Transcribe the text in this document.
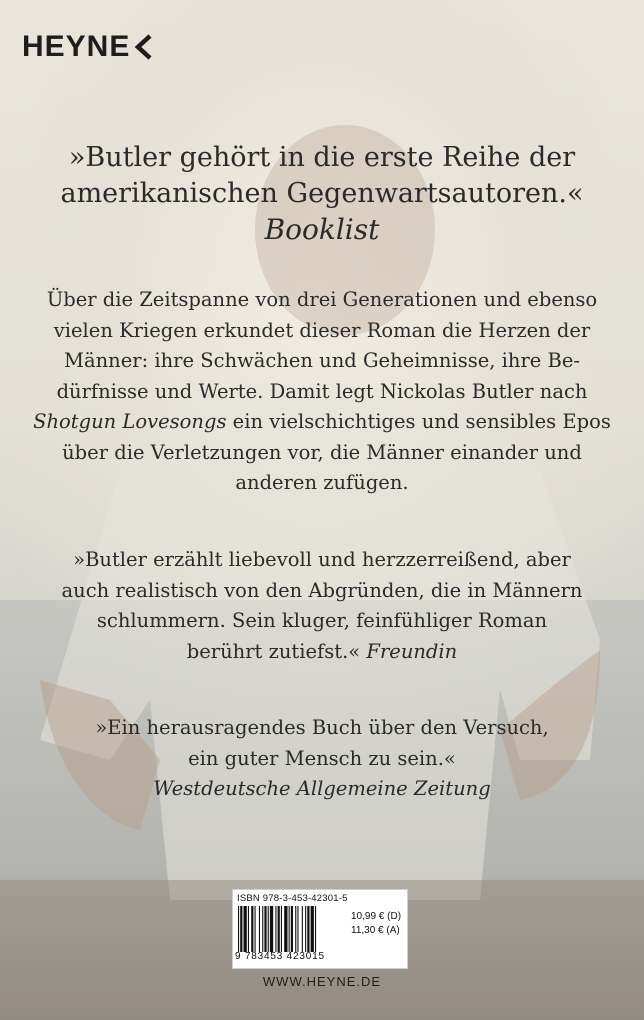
HEYNE
»Butler gehört in die erste Reihe der
amerikanischen Gegenwartsautoren.«
Booklist
Über die Zeitspanne von drei Generationen und ebenso
vielen Kriegen erkundet dieser Roman die Herzen der
Männer: ihre Schwächen und Geheimnisse, ihre Be-
dürfnisse und Werte. Damit legt Nickolas Butler nach
Shotgun Lovesongs ein vielschichtiges und sensibles Epos
über die Verletzungen vor, die Männer einander und
anderen zufügen.
»Butler erzählt liebevoll und herzzerreißend, aber
auch realistisch von den Abgründen, die in Männern
schlummern. Sein kluger, feinfühliger Roman
berührt zutiefst.« Freundin
»Ein herausragendes Buch über den Versuch,
ein guter Mensch zu sein.«
Westdeutsche Allgemeine Zeitung
ISBN 978-3-453-42301-5
9 783453 423015
10,99 € (D)
11,30 € (A)
WWW.HEYNE.DE
